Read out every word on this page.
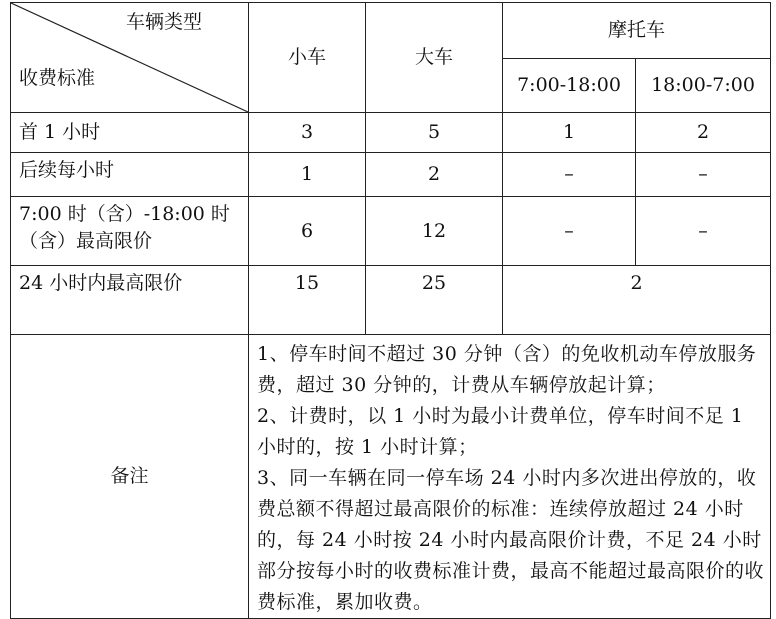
车辆类型
收费标准	小车	大车	摩托车	
			7:00-18:00	18:00-7:00
首 1 小时	3	5	1	2
后续每小时	1	2	–	–
7:00 时（含）-18:00 时（含）最高限价	6	12	–	–
24 小时内最高限价	15	25	2	
备注	1、停车时间不超过 30 分钟（含）的免收机动车停放服务费，超过 30 分钟的，计费从车辆停放起计算；

2、计费时，以 1 小时为最小计费单位，停车时间不足 1 小时的，按 1 小时计算；

3、同一车辆在同一停车场 24 小时内多次进出停放的，收费总额不得超过最高限价的标准：连续停放超过 24 小时的，每 24 小时按 24 小时内最高限价计费，不足 24 小时部分按每小时的收费标准计费，最高不能超过最高限价的收费标准，累加收费。			
